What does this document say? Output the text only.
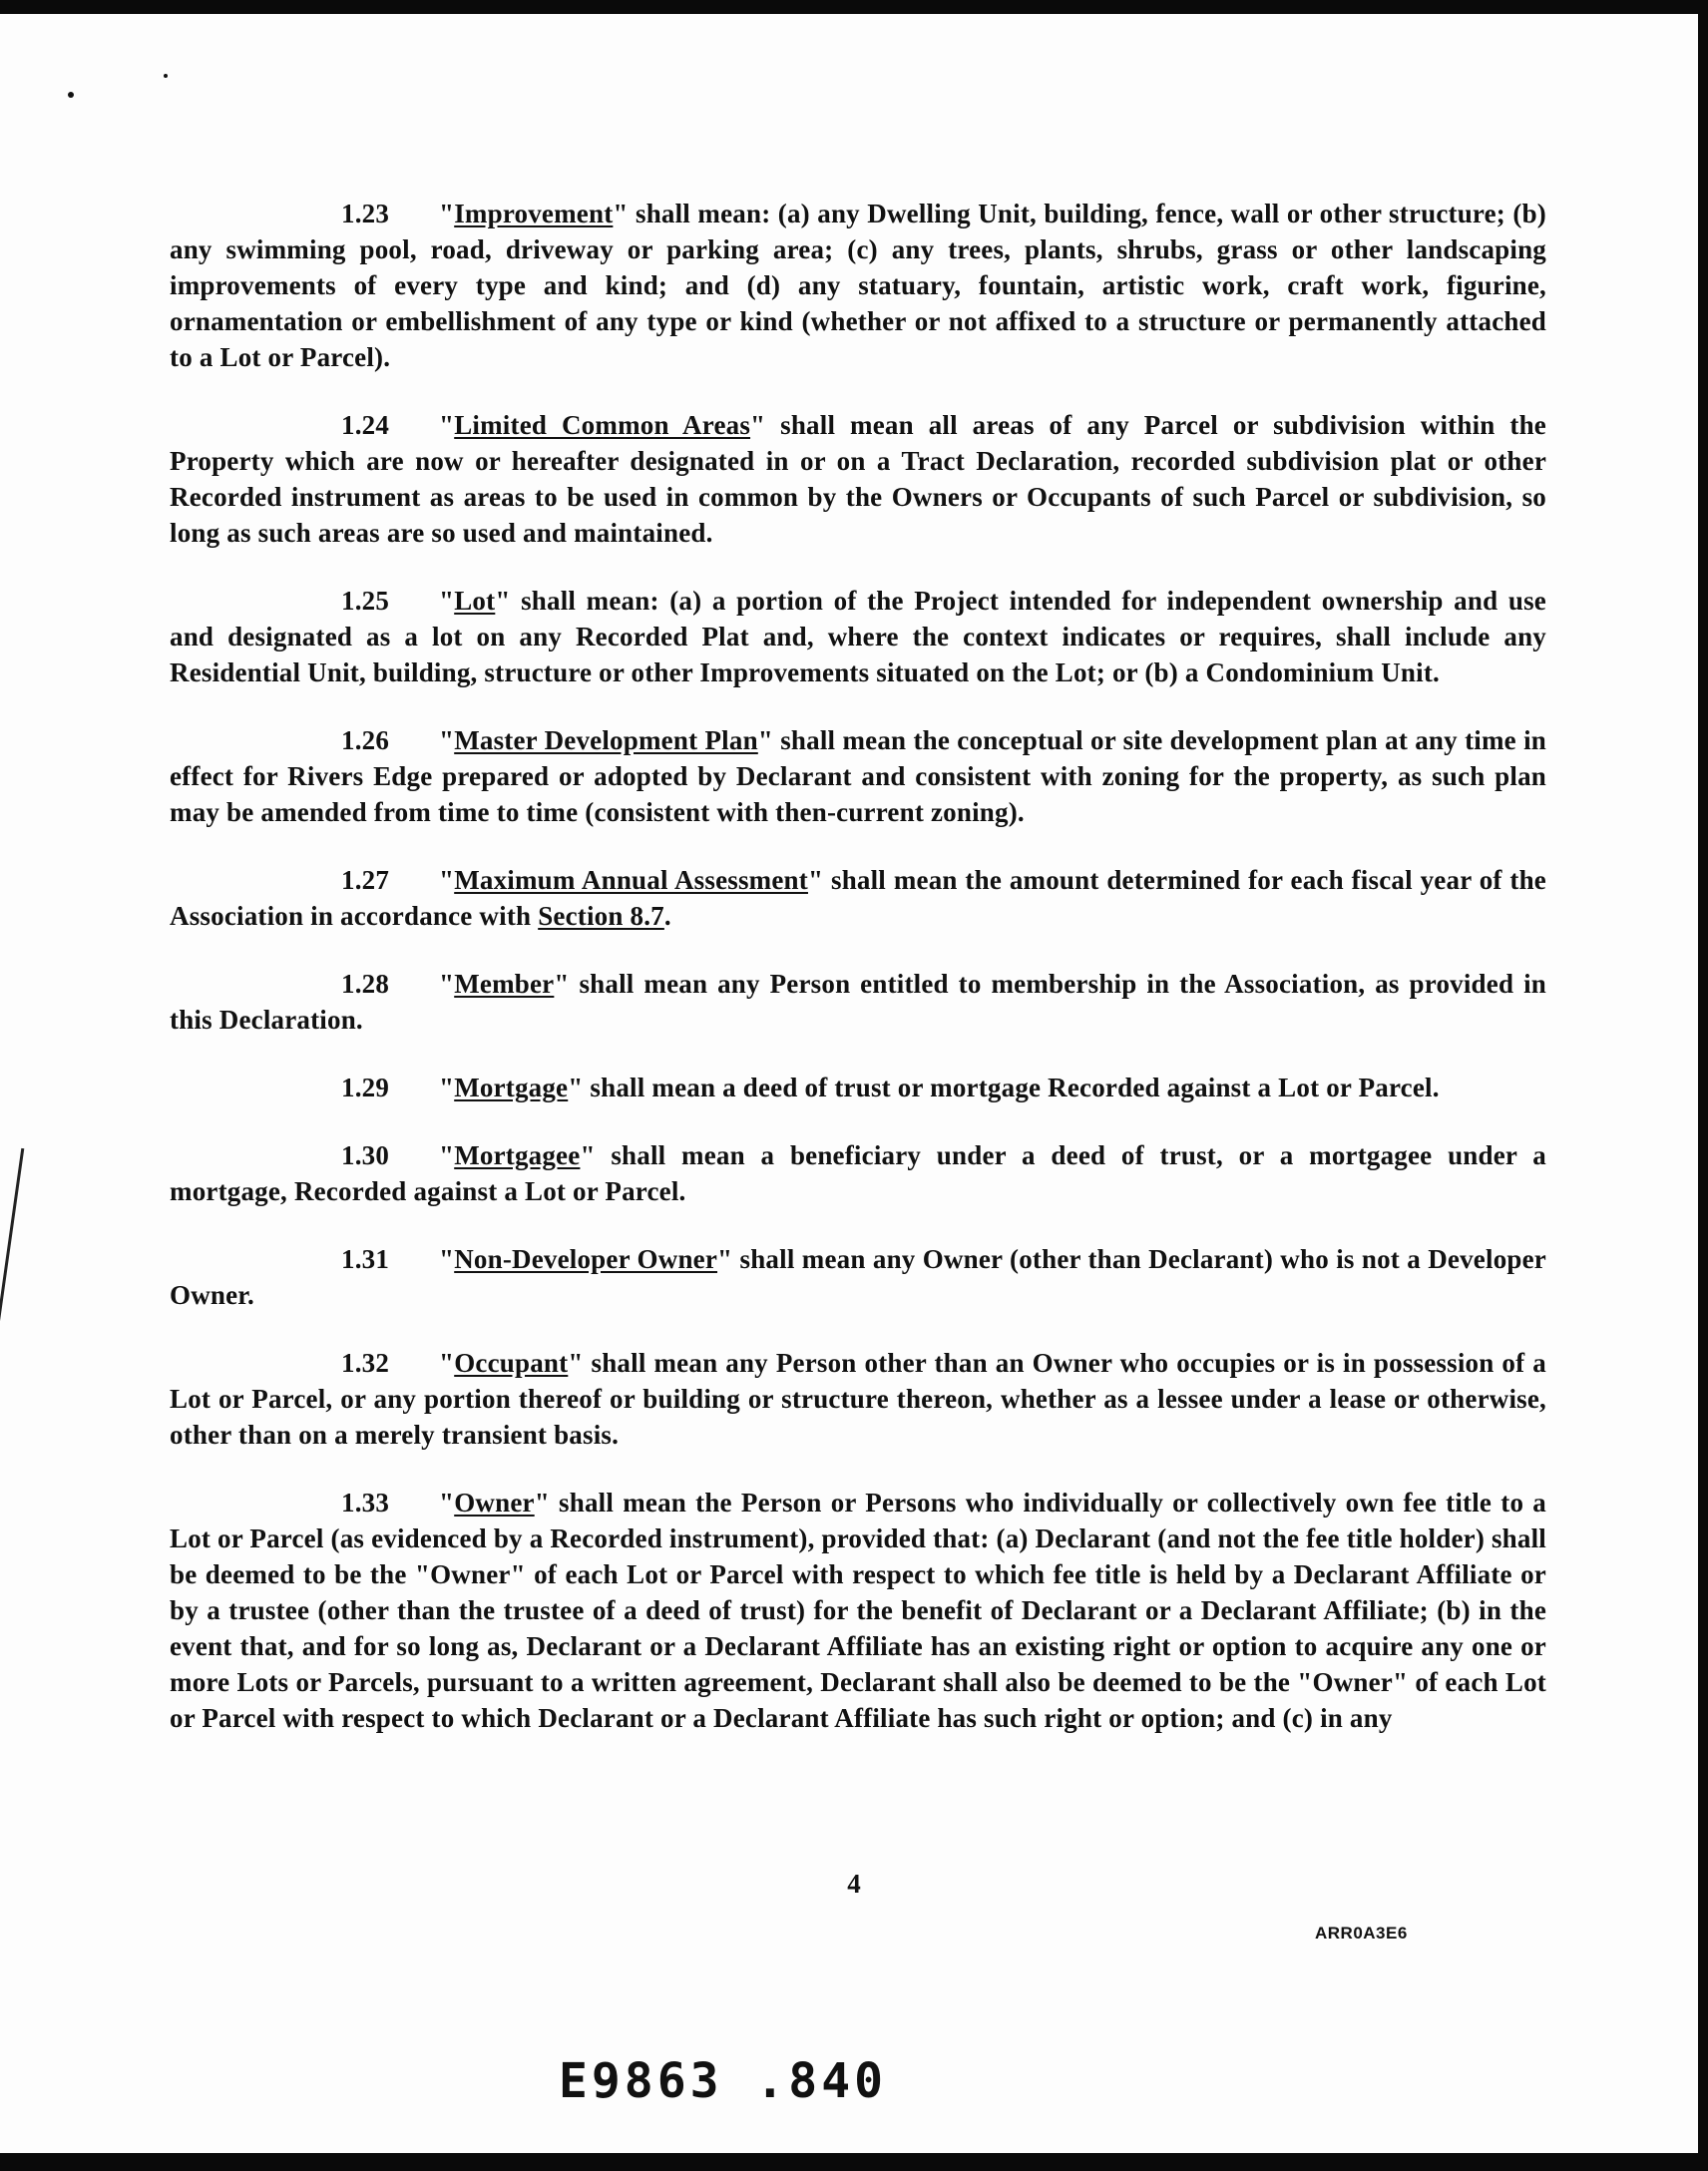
1.23 "Improvement" shall mean: (a) any Dwelling Unit, building, fence, wall or other structure; (b) any swimming pool, road, driveway or parking area; (c) any trees, plants, shrubs, grass or other landscaping improvements of every type and kind; and (d) any statuary, fountain, artistic work, craft work, figurine, ornamentation or embellishment of any type or kind (whether or not affixed to a structure or permanently attached to a Lot or Parcel).

1.24 "Limited Common Areas" shall mean all areas of any Parcel or subdivision within the Property which are now or hereafter designated in or on a Tract Declaration, recorded subdivision plat or other Recorded instrument as areas to be used in common by the Owners or Occupants of such Parcel or subdivision, so long as such areas are so used and maintained.

1.25 "Lot" shall mean: (a) a portion of the Project intended for independent ownership and use and designated as a lot on any Recorded Plat and, where the context indicates or requires, shall include any Residential Unit, building, structure or other Improvements situated on the Lot; or (b) a Condominium Unit.

1.26 "Master Development Plan" shall mean the conceptual or site development plan at any time in effect for Rivers Edge prepared or adopted by Declarant and consistent with zoning for the property, as such plan may be amended from time to time (consistent with then-current zoning).

1.27 "Maximum Annual Assessment" shall mean the amount determined for each fiscal year of the Association in accordance with Section 8.7.

1.28 "Member" shall mean any Person entitled to membership in the Association, as provided in this Declaration.

1.29 "Mortgage" shall mean a deed of trust or mortgage Recorded against a Lot or Parcel.

1.30 "Mortgagee" shall mean a beneficiary under a deed of trust, or a mortgagee under a mortgage, Recorded against a Lot or Parcel.

1.31 "Non-Developer Owner" shall mean any Owner (other than Declarant) who is not a Developer Owner.

1.32 "Occupant" shall mean any Person other than an Owner who occupies or is in possession of a Lot or Parcel, or any portion thereof or building or structure thereon, whether as a lessee under a lease or otherwise, other than on a merely transient basis.

1.33 "Owner" shall mean the Person or Persons who individually or collectively own fee title to a Lot or Parcel (as evidenced by a Recorded instrument), provided that: (a) Declarant (and not the fee title holder) shall be deemed to be the "Owner" of each Lot or Parcel with respect to which fee title is held by a Declarant Affiliate or by a trustee (other than the trustee of a deed of trust) for the benefit of Declarant or a Declarant Affiliate; (b) in the event that, and for so long as, Declarant or a Declarant Affiliate has an existing right or option to acquire any one or more Lots or Parcels, pursuant to a written agreement, Declarant shall also be deemed to be the "Owner" of each Lot or Parcel with respect to which Declarant or a Declarant Affiliate has such right or option; and (c) in any

4
ARR0A3E6
E9863 .840
